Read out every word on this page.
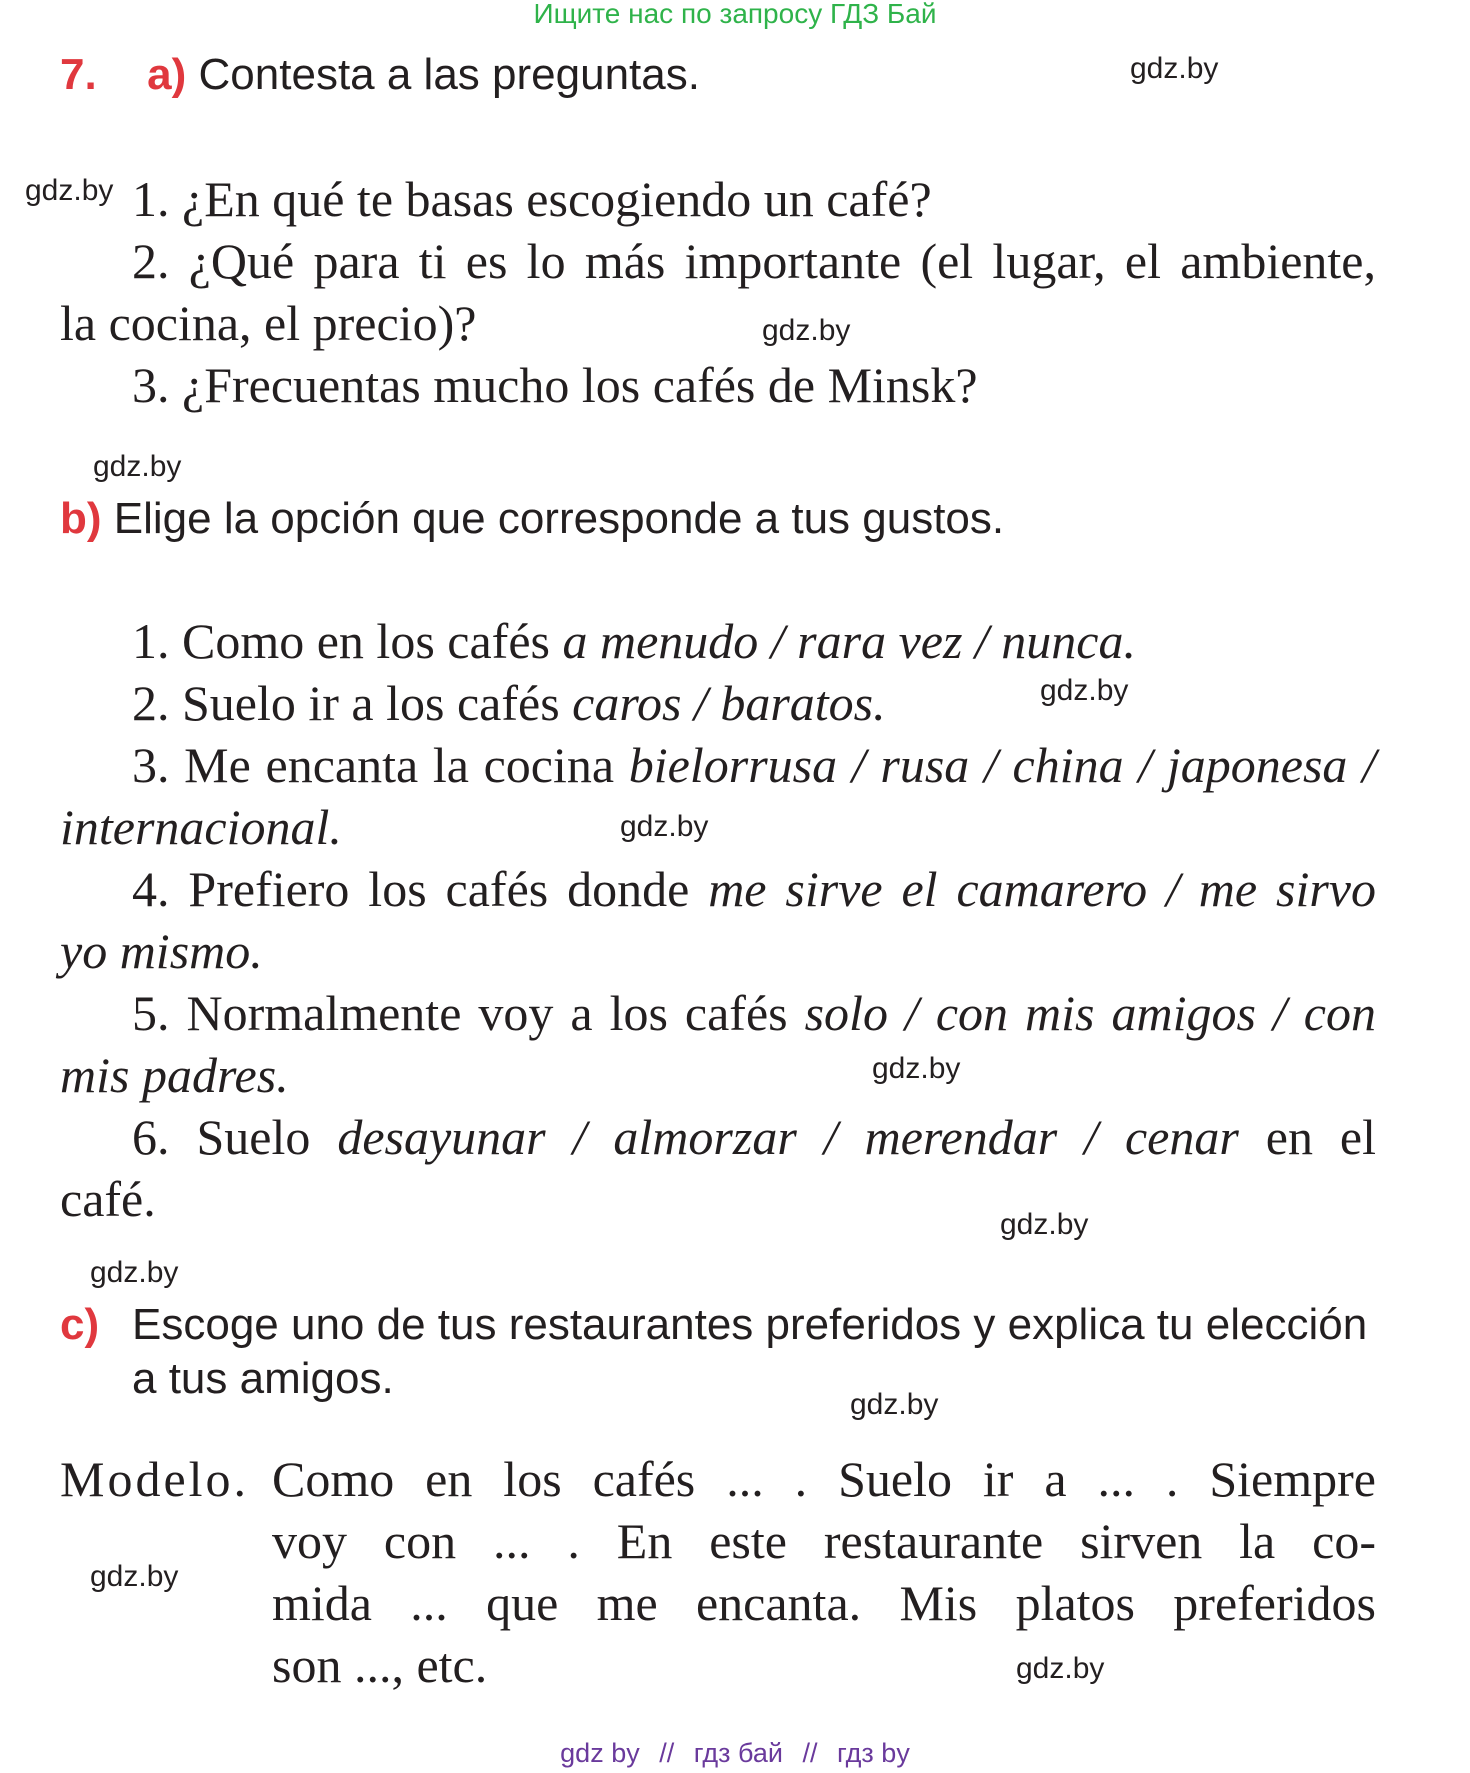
Ищите нас по запросу ГДЗ Бай
7. a) Contesta a las preguntas.	gdz.by
gdz.by 1. ¿En qué te basas escogiendo un café?
2. ¿Qué para ti es lo más importante (el lugar, el ambiente,
la cocina, el precio)?	gdz.by
3. ¿Frecuentas mucho los cafés de Minsk?
gdz.by
b) Elige la opción que corresponde a tus gustos.
1. Como en los cafés a menudo / rara vez / nunca.
2. Suelo ir a los cafés caros / baratos.	gdz.by
3. Me encanta la cocina bielorrusa / rusa / china / japonesa /
internacional.	gdz.by
4. Prefiero los cafés donde me sirve el camarero / me sirvo
yo mismo.
5. Normalmente voy a los cafés solo / con mis amigos / con
mis padres.	gdz.by
6. Suelo desayunar / almorzar / merendar / cenar en el
café.	gdz.by
gdz.by
c) Escoge uno de tus restaurantes preferidos y explica tu elección
a tus amigos.
gdz.by
Modelo. Como en los cafés ... . Suelo ir a ... . Siempre
voy con ... . En este restaurante sirven la co-
mida ... que me encanta. Mis platos preferidos
son ..., etc.
gdz.by
gdz.by
gdz by // гдз бай // гдз by
